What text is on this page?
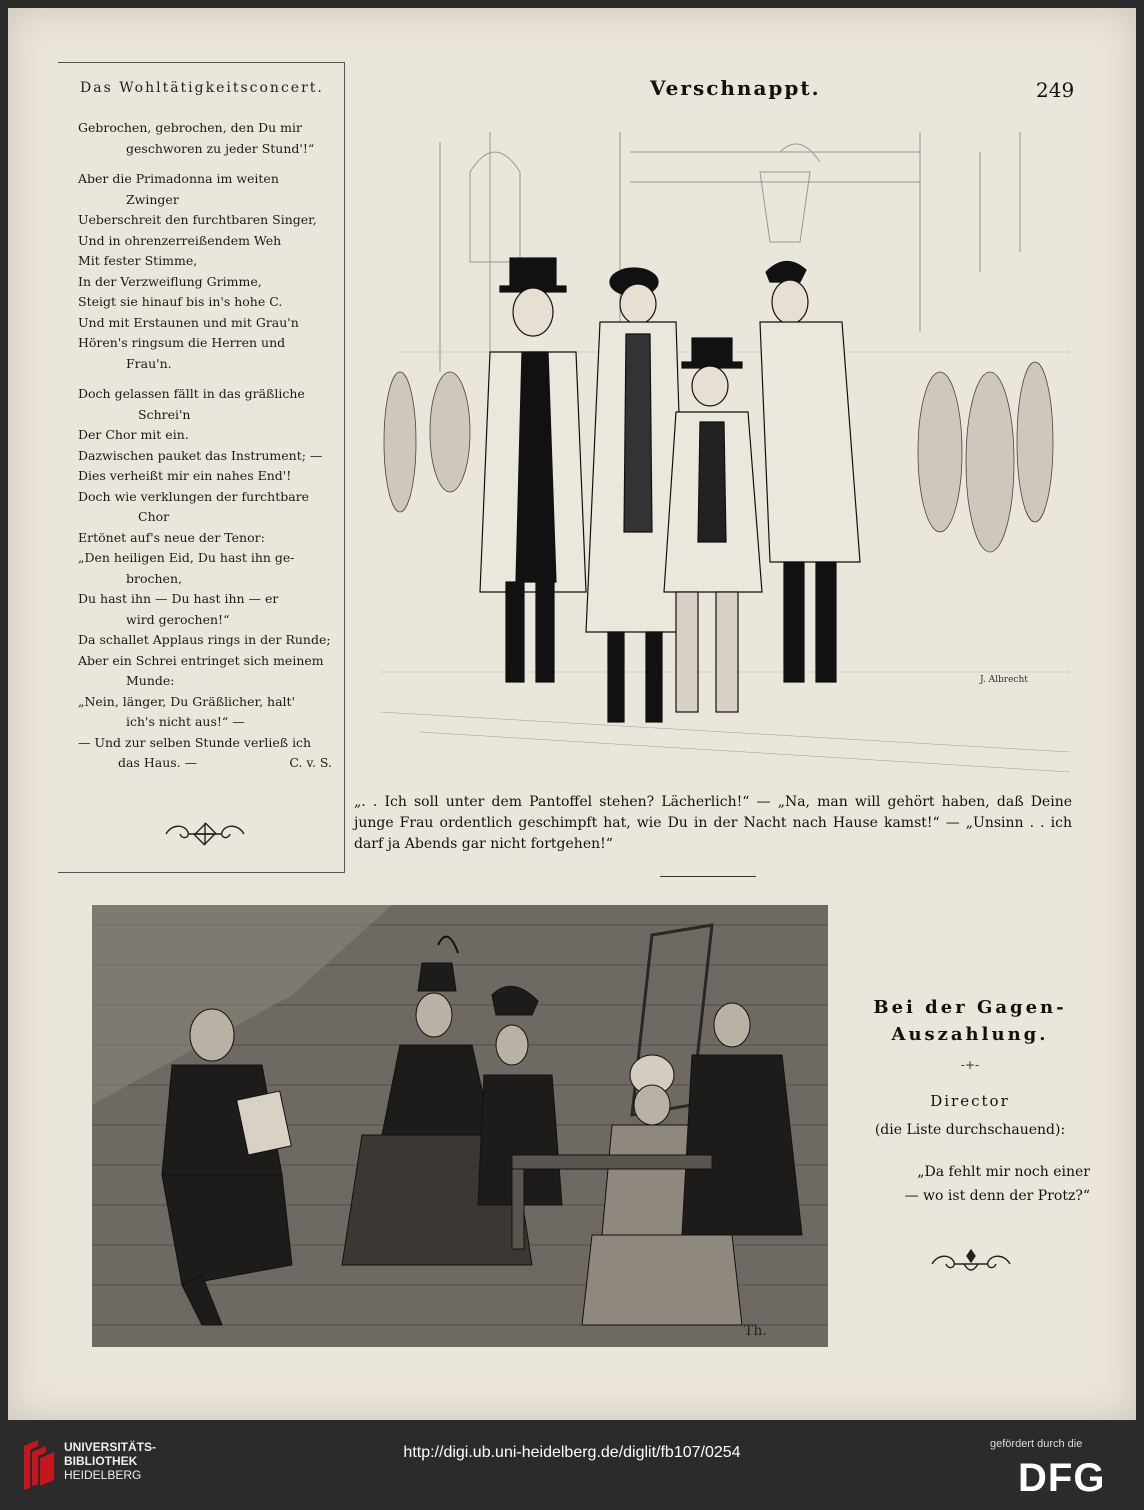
Das Wohltätigkeitsconcert.	Verschnappt.	249

Gebrochen, gebrochen, den Du mir

geschworen zu jeder Stund'!“

Aber die Primadonna im weiten

Zwinger

Ueberschreit den furchtbaren Singer,

Und in ohrenzerreißendem Weh

Mit fester Stimme,

In der Verzweiflung Grimme,

Steigt sie hinauf bis in's hohe C.

Und mit Erstaunen und mit Grau'n

Hören's ringsum die Herren und

Frau'n.

Doch gelassen fällt in das gräßliche

Schrei'n

Der Chor mit ein.

Dazwischen pauket das Instrument; —

Dies verheißt mir ein nahes End'!

Doch wie verklungen der furchtbare

Chor

Ertönet auf's neue der Tenor:

„Den heiligen Eid, Du hast ihn ge-

brochen,

Du hast ihn — Du hast ihn — er

wird gerochen!“

Da schallet Applaus rings in der Runde;

Aber ein Schrei entringet sich meinem

Munde:

„Nein, länger, Du Gräßlicher, halt'

ich's nicht aus!“ —

— Und zur selben Stunde verließ ich

das Haus. —	C. v. S.

J. Albrecht
„. . Ich soll unter dem Pantoffel stehen? Lächerlich!“ — „Na, man will gehört haben, daß Deine junge Frau ordentlich geschimpft hat, wie Du in der Nacht nach Hause kamst!“ — „Unsinn . . ich darf ja Abends gar nicht fortgehen!“
Th.
Bei der Gagen-
Auszahlung.
-+-
Director
(die Liste durchschauend):
„Da fehlt mir noch einer
— wo ist denn der Protz?“
UNIVERSITÄTS-
BIBLIOTHEK
HEIDELBERG
http://digi.ub.uni-heidelberg.de/diglit/fb107/0254	gefördert durch die
DFG
